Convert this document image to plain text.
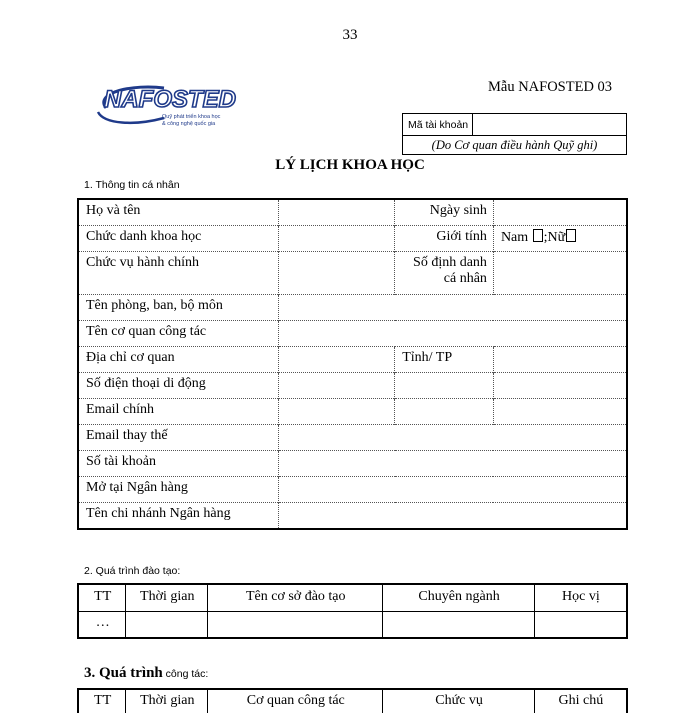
33
NAFOSTED
Quỹ phát triển khoa học
& công nghệ quốc gia
Mẫu NAFOSTED 03
Mã tài khoản
(Do Cơ quan điều hành Quỹ ghi)
LÝ LỊCH KHOA HỌC
1. Thông tin cá nhân
Họ và tên		Ngày sinh	
Chức danh khoa học		Giới tính	Nam ;Nữ
Chức vụ hành chính		Số định danh cá nhân	
Tên phòng, ban, bộ môn			
Tên cơ quan công tác			
Địa chỉ cơ quan		Tỉnh/ TP	
Số điện thoại di động			
Email chính			
Email thay thế			
Số tài khoản			
Mở tại Ngân hàng			
Tên chi nhánh Ngân hàng			
2. Quá trình đào tạo:
TT	Thời gian	Tên cơ sở đào tạo	Chuyên ngành	Học vị
…				
3. Quá trình công tác:
TT	Thời gian	Cơ quan công tác	Chức vụ	Ghi chú
